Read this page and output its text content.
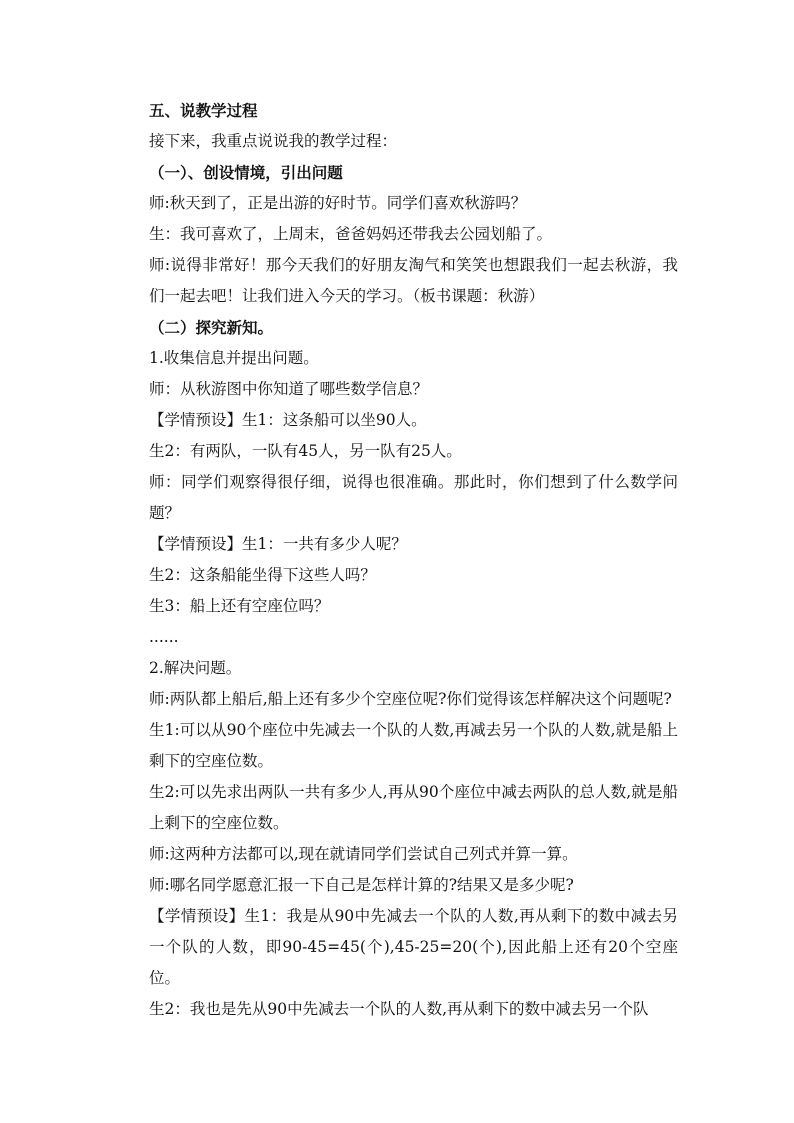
五、说教学过程

接下来，我重点说说我的教学过程：

（一）、创设情境，引出问题

师:秋天到了，正是出游的好时节。同学们喜欢秋游吗？

生：我可喜欢了，上周末，爸爸妈妈还带我去公园划船了。

师:说得非常好！那今天我们的好朋友淘气和笑笑也想跟我们一起去秋游，我们一起去吧！让我们进入今天的学习。（板书课题：秋游）

（二）探究新知。

1.收集信息并提出问题。

师：从秋游图中你知道了哪些数学信息？

【学情预设】生1：这条船可以坐90人。

生2：有两队，一队有45人，另一队有25人。

师：同学们观察得很仔细，说得也很准确。那此时，你们想到了什么数学问题？

【学情预设】生1：一共有多少人呢？

生2：这条船能坐得下这些人吗？

生3：船上还有空座位吗？

......

2.解决问题。

师:两队都上船后,船上还有多少个空座位呢?你们觉得该怎样解决这个问题呢?

生1:可以从90个座位中先减去一个队的人数,再减去另一个队的人数,就是船上剩下的空座位数。

生2:可以先求出两队一共有多少人,再从90个座位中减去两队的总人数,就是船上剩下的空座位数。

师:这两种方法都可以,现在就请同学们尝试自己列式并算一算。

师:哪名同学愿意汇报一下自己是怎样计算的?结果又是多少呢?

【学情预设】生1：我是从90中先减去一个队的人数,再从剩下的数中减去另一个队的人数，即90-45=45(个),45-25=20(个),因此船上还有20个空座位。

生2：我也是先从90中先减去一个队的人数,再从剩下的数中减去另一个队
